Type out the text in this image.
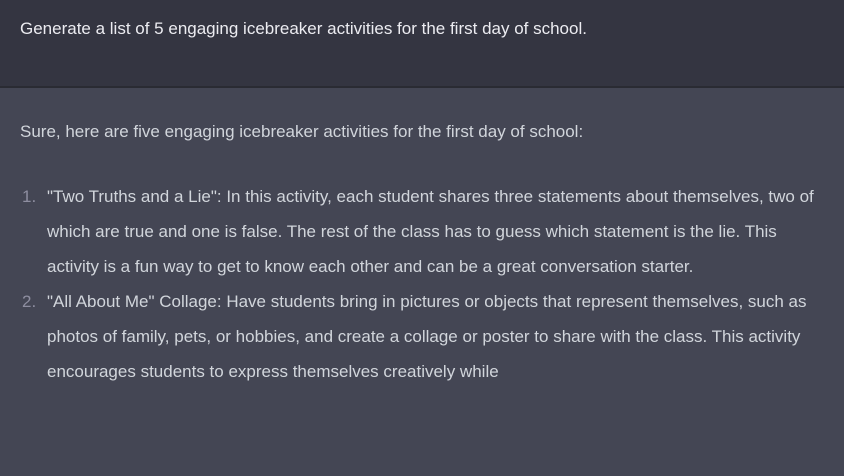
Generate a list of 5 engaging icebreaker activities for the first day of school.

Sure, here are five engaging icebreaker activities for the first day of school:

1. "Two Truths and a Lie": In this activity, each student shares three statements about themselves, two of which are true and one is false. The rest of the class has to guess which statement is the lie. This activity is a fun way to get to know each other and can be a great conversation starter.
2. "All About Me" Collage: Have students bring in pictures or objects that represent themselves, such as photos of family, pets, or hobbies, and create a collage or poster to share with the class. This activity encourages students to express themselves creatively while
